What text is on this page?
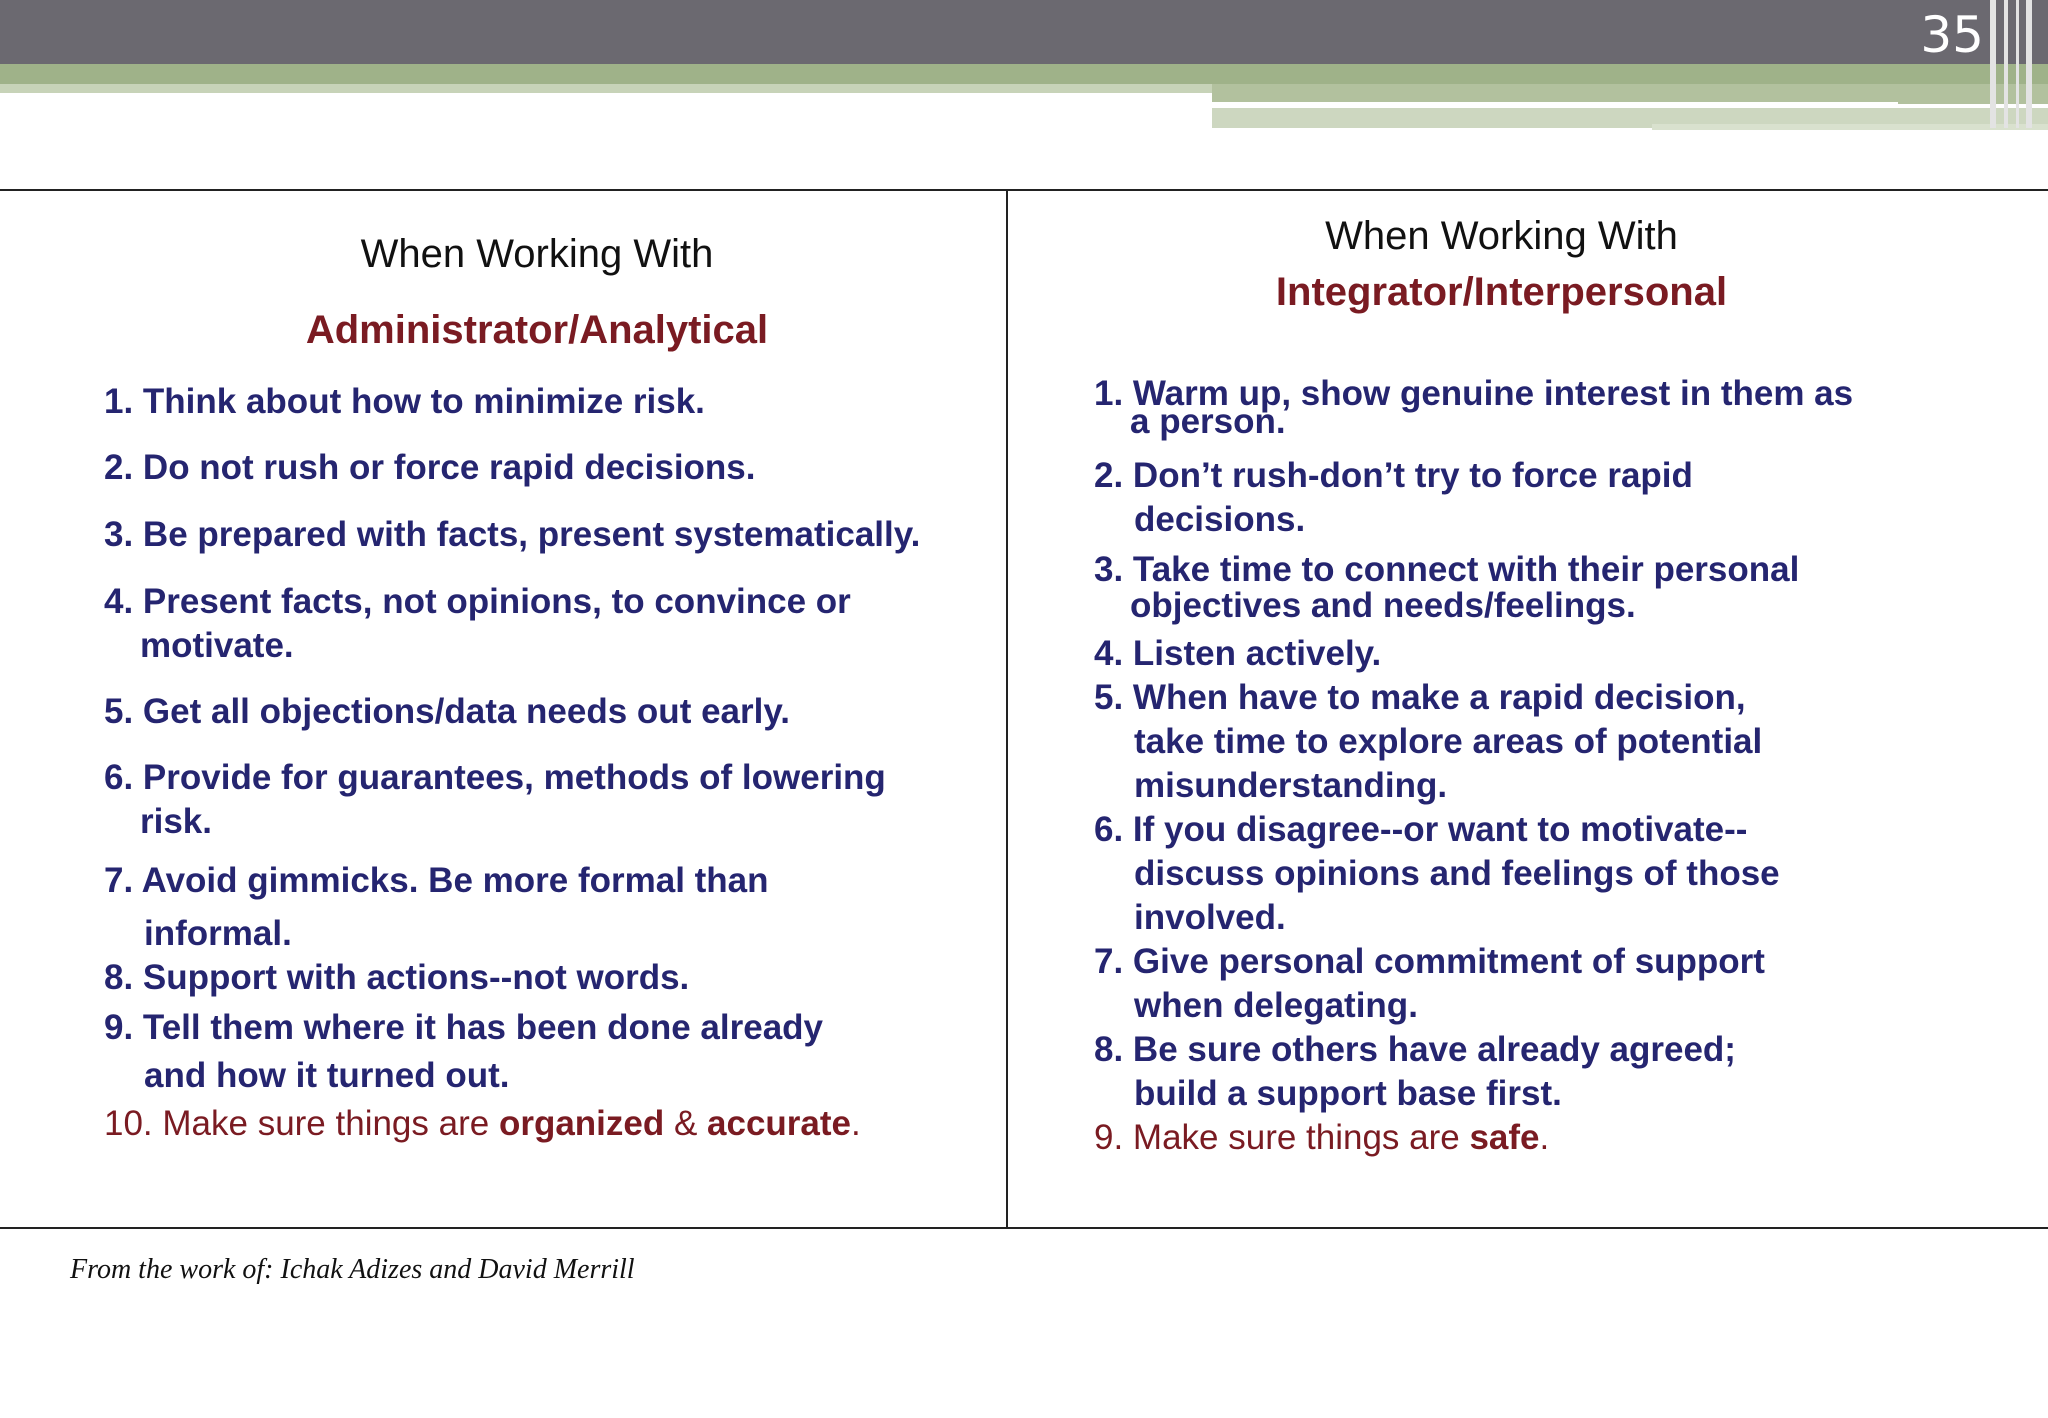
35
When Working With
Administrator/Analytical
1. Think about how to minimize risk.
2. Do not rush or force rapid decisions.
3. Be prepared with facts, present systematically.
4. Present facts, not opinions, to convince or
motivate.
5. Get all objections/data needs out early.
6. Provide for guarantees, methods of lowering
risk.
7. Avoid gimmicks. Be more formal than
informal.
8. Support with actions--not words.
9. Tell them where it has been done already
and how it turned out.
10. Make sure things are organized & accurate.
When Working With
Integrator/Interpersonal
1. Warm up, show genuine interest in them as
a person.
2. Don’t rush-don’t try to force rapid
decisions.
3. Take time to connect with their personal
objectives and needs/feelings.
4. Listen actively.
5. When have to make a rapid decision,
take time to explore areas of potential
misunderstanding.
6. If you disagree--or want to motivate--
discuss opinions and feelings of those
involved.
7. Give personal commitment of support
when delegating.
8. Be sure others have already agreed;
build a support base first.
9. Make sure things are safe.
From the work of: Ichak Adizes and David Merrill
